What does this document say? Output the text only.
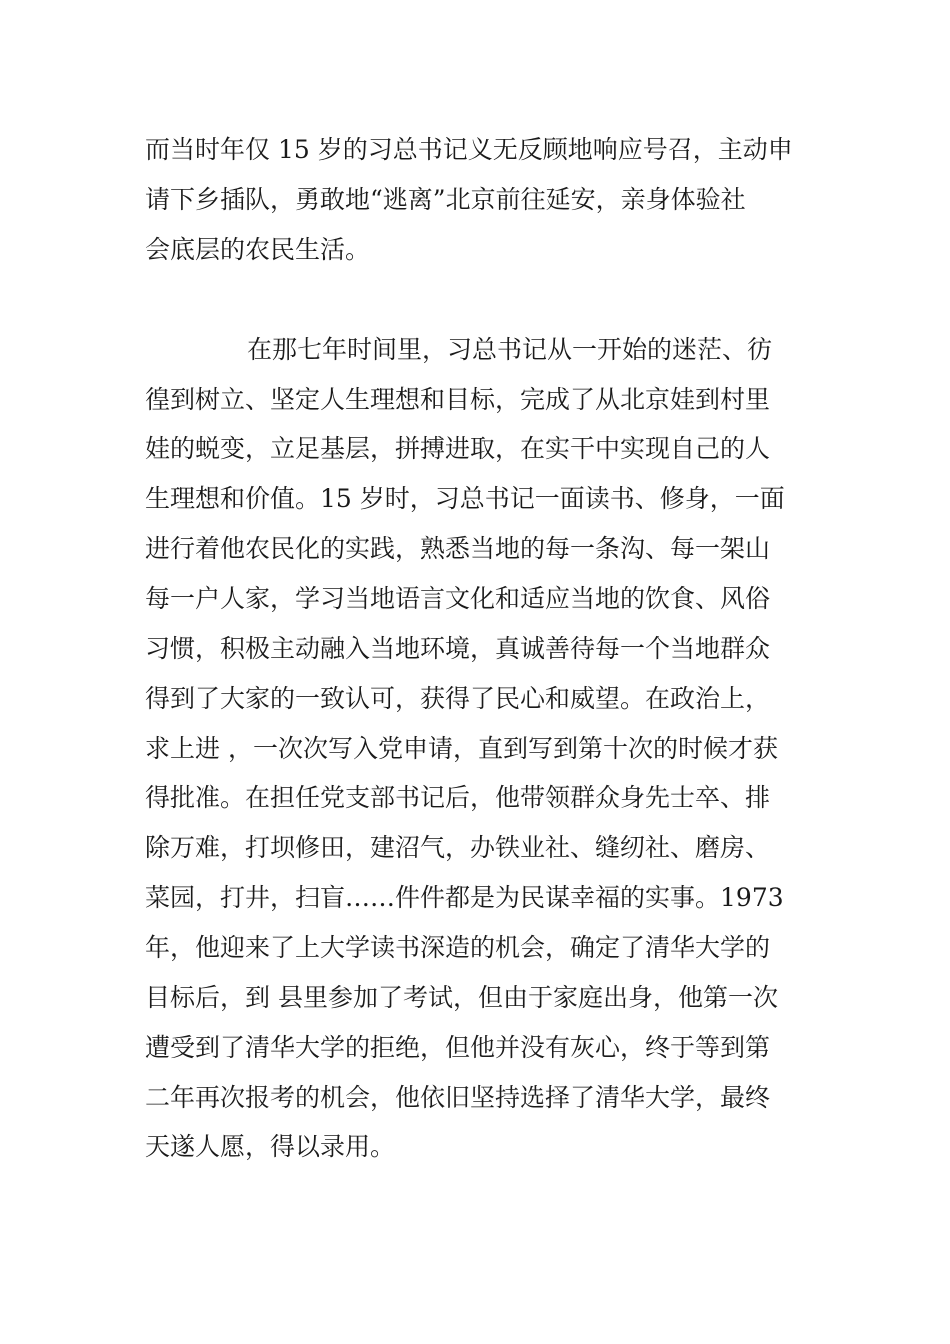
而当时年仅 15 岁的习总书记义无反顾地响应号召，主动申
请下乡插队，勇敢地“逃离”北京前往延安，亲身体验社
会底层的农民生活。
在那七年时间里，习总书记从一开始的迷茫、彷
徨到树立、坚定人生理想和目标，完成了从北京娃到村里
娃的蜕变，立足基层，拼搏进取，在实干中实现自己的人
生理想和价值。15 岁时，习总书记一面读书、修身，一面
进行着他农民化的实践，熟悉当地的每一条沟、每一架山
每一户人家，学习当地语言文化和适应当地的饮食、风俗
习惯，积极主动融入当地环境，真诚善待每一个当地群众
得到了大家的一致认可，获得了民心和威望。在政治上，
求上进 ，一次次写入党申请，直到写到第十次的时候才获
得批准。在担任党支部书记后，他带领群众身先士卒、排
除万难，打坝修田，建沼气，办铁业社、缝纫社、磨房、
菜园，打井，扫盲……件件都是为民谋幸福的实事。1973
年，他迎来了上大学读书深造的机会，确定了清华大学的
目标后，到 县里参加了考试，但由于家庭出身，他第一次
遭受到了清华大学的拒绝，但他并没有灰心，终于等到第
二年再次报考的机会，他依旧坚持选择了清华大学，最终
天遂人愿，得以录用。
